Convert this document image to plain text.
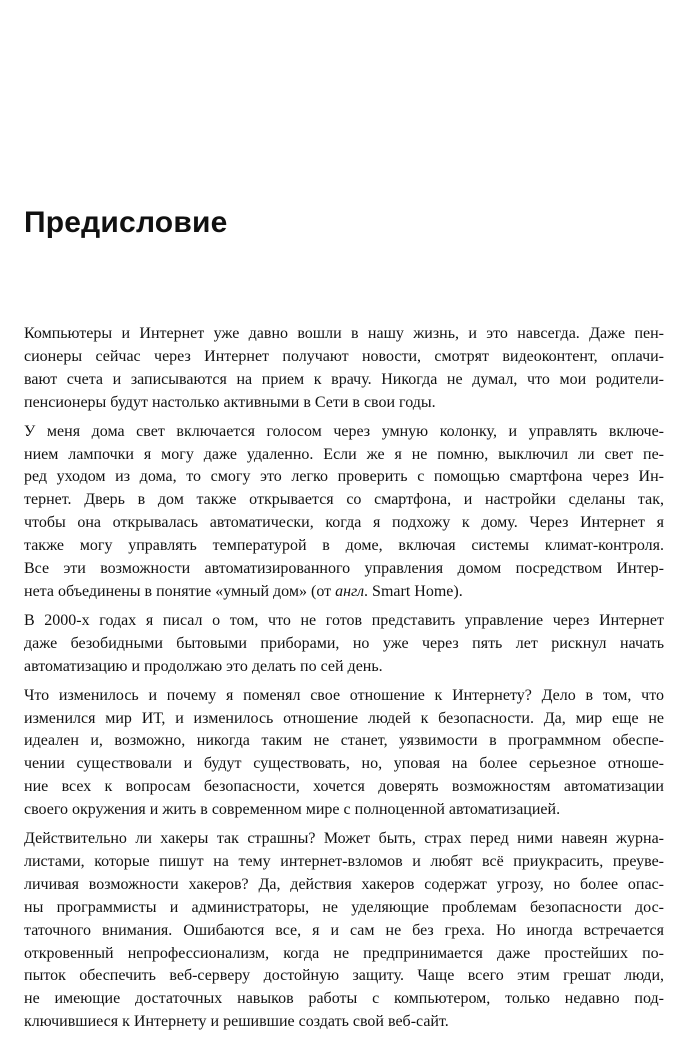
Предисловие

Компьютеры и Интернет уже давно вошли в нашу жизнь, и это навсегда. Даже пен-
сионеры сейчас через Интернет получают новости, смотрят видеоконтент, оплачи-
вают счета и записываются на прием к врачу. Никогда не думал, что мои родители-
пенсионеры будут настолько активными в Сети в свои годы.

У меня дома свет включается голосом через умную колонку, и управлять включе-
нием лампочки я могу даже удаленно. Если же я не помню, выключил ли свет пе-
ред уходом из дома, то смогу это легко проверить с помощью смартфона через Ин-
тернет. Дверь в дом также открывается со смартфона, и настройки сделаны так,
чтобы она открывалась автоматически, когда я подхожу к дому. Через Интернет я
также могу управлять температурой в доме, включая системы климат-контроля.
Все эти возможности автоматизированного управления домом посредством Интер-
нета объединены в понятие «умный дом» (от англ. Smart Home).

В 2000-х годах я писал о том, что не готов представить управление через Интернет
даже безобидными бытовыми приборами, но уже через пять лет рискнул начать
автоматизацию и продолжаю это делать по сей день.

Что изменилось и почему я поменял свое отношение к Интернету? Дело в том, что
изменился мир ИТ, и изменилось отношение людей к безопасности. Да, мир еще не
идеален и, возможно, никогда таким не станет, уязвимости в программном обеспе-
чении существовали и будут существовать, но, уповая на более серьезное отноше-
ние всех к вопросам безопасности, хочется доверять возможностям автоматизации
своего окружения и жить в современном мире с полноценной автоматизацией.

Действительно ли хакеры так страшны? Может быть, страх перед ними навеян журна-
листами, которые пишут на тему интернет-взломов и любят всё приукрасить, преуве-
личивая возможности хакеров? Да, действия хакеров содержат угрозу, но более опас-
ны программисты и администраторы, не уделяющие проблемам безопасности дос-
таточного внимания. Ошибаются все, я и сам не без греха. Но иногда встречается
откровенный непрофессионализм, когда не предпринимается даже простейших по-
пыток обеспечить веб-серверу достойную защиту. Чаще всего этим грешат люди,
не имеющие достаточных навыков работы с компьютером, только недавно под-
ключившиеся к Интернету и решившие создать свой веб-сайт.
